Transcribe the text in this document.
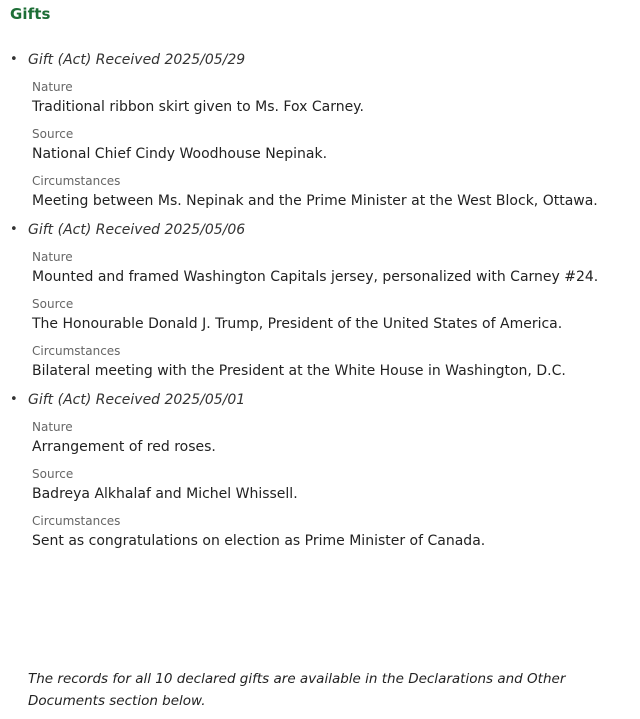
Gifts
• Gift (Act) Received 2025/05/29
Nature
Traditional ribbon skirt given to Ms. Fox Carney.
Source
National Chief Cindy Woodhouse Nepinak.
Circumstances
Meeting between Ms. Nepinak and the Prime Minister at the West Block, Ottawa.
• Gift (Act) Received 2025/05/06
Nature
Mounted and framed Washington Capitals jersey, personalized with Carney #24.
Source
The Honourable Donald J. Trump, President of the United States of America.
Circumstances
Bilateral meeting with the President at the White House in Washington, D.C.
• Gift (Act) Received 2025/05/01
Nature
Arrangement of red roses.
Source
Badreya Alkhalaf and Michel Whissell.
Circumstances
Sent as congratulations on election as Prime Minister of Canada.
The records for all 10 declared gifts are available in the Declarations and Other Documents section below.
